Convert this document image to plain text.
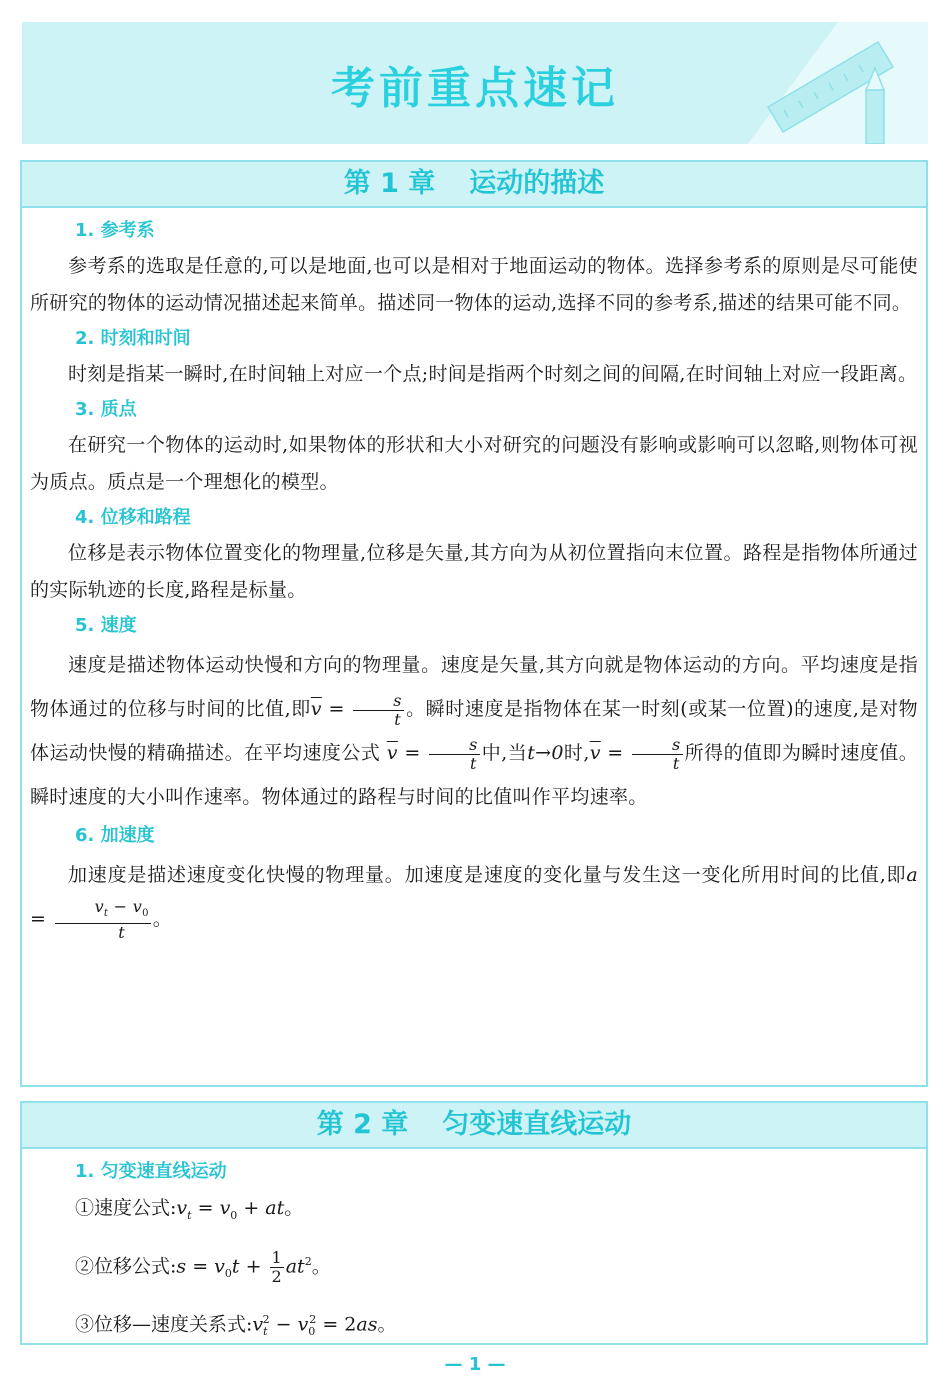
考前重点速记
第 1 章 运动的描述
1. 参考系

参考系的选取是任意的,可以是地面,也可以是相对于地面运动的物体。选择参考系的原则是尽可能使所研究的物体的运动情况描述起来简单。描述同一物体的运动,选择不同的参考系,描述的结果可能不同。

2. 时刻和时间

时刻是指某一瞬时,在时间轴上对应一个点;时间是指两个时刻之间的间隔,在时间轴上对应一段距离。

3. 质点

在研究一个物体的运动时,如果物体的形状和大小对研究的问题没有影响或影响可以忽略,则物体可视为质点。质点是一个理想化的模型。

4. 位移和路程

位移是表示物体位置变化的物理量,位移是矢量,其方向为从初位置指向末位置。路程是指物体所通过的实际轨迹的长度,路程是标量。

5. 速度

速度是描述物体运动快慢和方向的物理量。速度是矢量,其方向就是物体运动的方向。平均速度是指物体通过的位移与时间的比值,即$\overline{v} = \frac{s}{t}$ 。瞬时速度是指物体在某一时刻(或某一位置)的速度,是对物体运动快慢的精确描述。在平均速度公式 $\overline{v} = \frac{s}{t}$ 中,当t→0时$,\overline{v} = \frac{s}{t}$ 所得的值即为瞬时速度值。瞬时速度的大小叫作速率。物体通过的路程与时间的比值叫作平均速率。

6. 加速度

加速度是描述速度变化快慢的物理量。加速度是速度的变化量与发生这一变化所用时间的比值,即$a = \frac{v_t - v_0}{t}$ 。

第 2 章 匀变速直线运动
1. 匀变速直线运动

①速度公式$:v_t = v_0$ + at。

②位移公式:s = $v_0t + \frac{1}{2} at^2$。

③位移—速度关系式$:v_t^2 - v_0^2 = 2as$。

— 1 —
